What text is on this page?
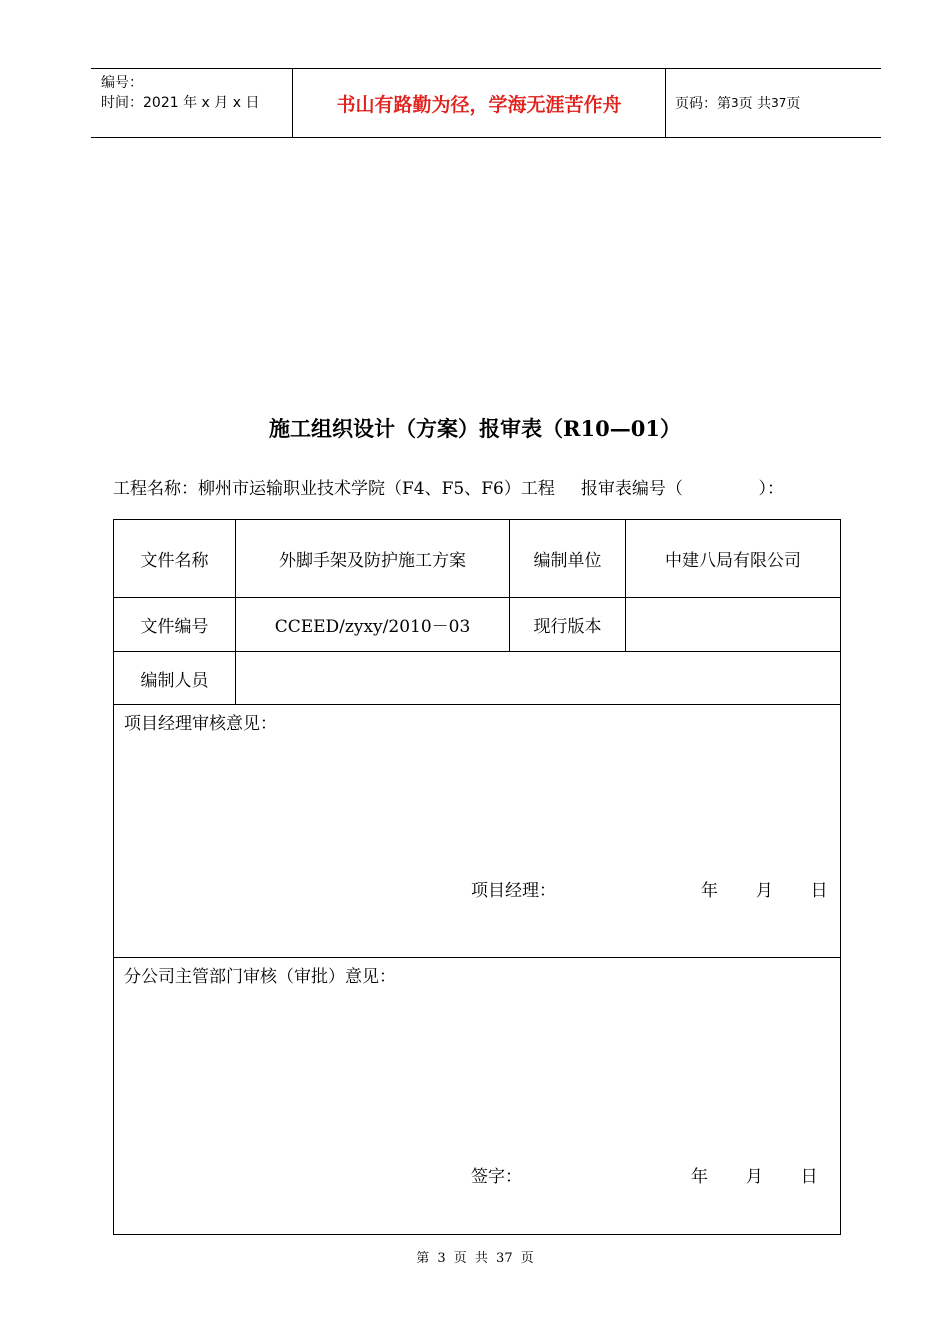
编号：
时间：2021 年 x 月 x 日	书山有路勤为径，学海无涯苦作舟	页码：第 3 页 共 37 页
施工组织设计（方案）报审表（R10—01）
工程名称：柳州市运输职业技术学院（F4、F5、F6）工程 报审表编号（              ）：
文件名称	外脚手架及防护施工方案	编制单位	中建八局有限公司
文件编号	CCEED/zyxy/2010－03	现行版本
编制人员
项目经理审核意见：
项目经理：	年       月       日
分公司主管部门审核（审批）意见：
签字：	年       月       日
第 3 页 共 37 页
